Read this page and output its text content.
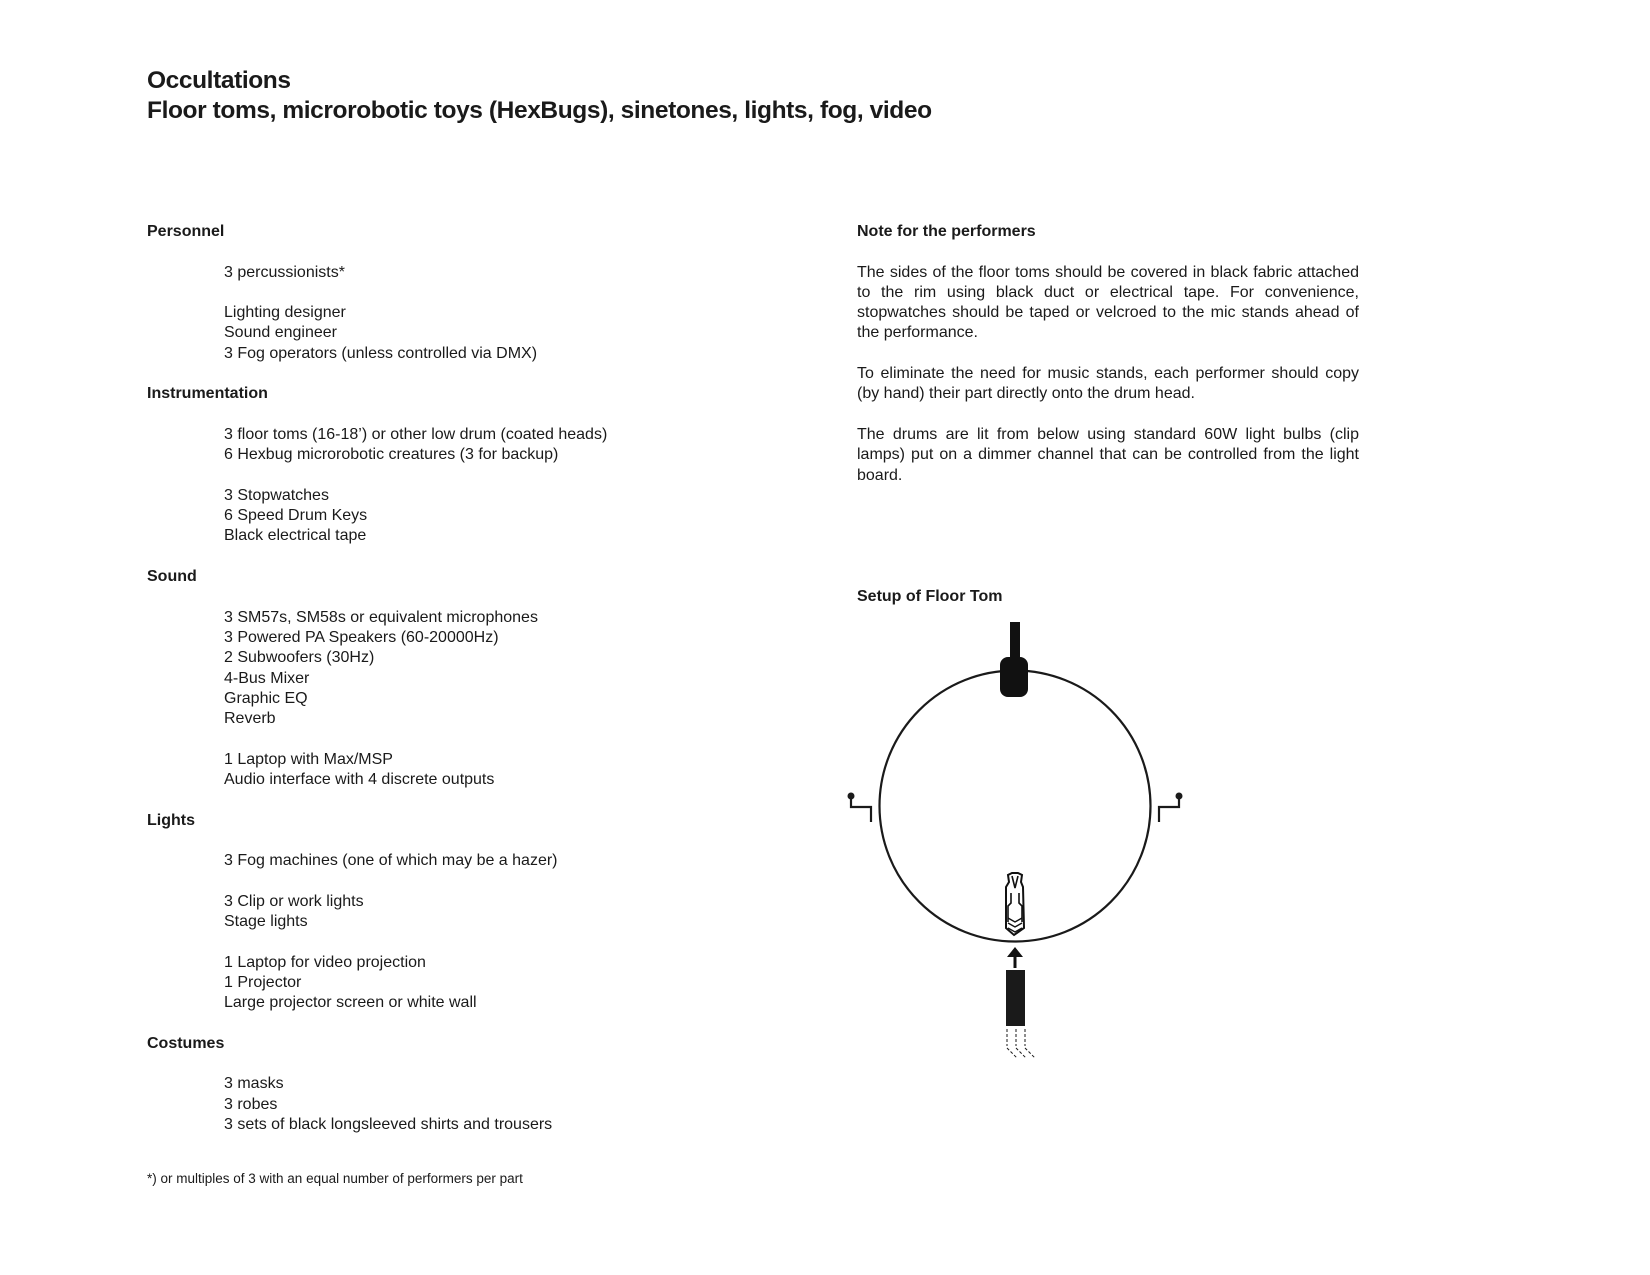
Occultations
Floor toms, microrobotic toys (HexBugs), sinetones, lights, fog, video
Personnel
3 percussionists*
Lighting designer
Sound engineer
3 Fog operators (unless controlled via DMX)
Instrumentation
3 floor toms (16-18’) or other low drum (coated heads)
6 Hexbug microrobotic creatures (3 for backup)
3 Stopwatches
6 Speed Drum Keys
Black electrical tape
Sound
3 SM57s, SM58s or equivalent microphones
3 Powered PA Speakers (60-20000Hz)
2 Subwoofers (30Hz)
4-Bus Mixer
Graphic EQ
Reverb
1 Laptop with Max/MSP
Audio interface with 4 discrete outputs
Lights
3 Fog machines (one of which may be a hazer)
3 Clip or work lights
Stage lights
1 Laptop for video projection
1 Projector
Large projector screen or white wall
Costumes
3 masks
3 robes
3 sets of black longsleeved shirts and trousers
*) or multiples of 3 with an equal number of performers per part
Note for the performers

The sides of the floor toms should be covered in black fabric attached to the rim using black duct or electrical tape. For convenience, stopwatches should be taped or velcroed to the mic stands ahead of the performance.

To eliminate the need for music stands, each performer should copy (by hand) their part directly onto the drum head.

The drums are lit from below using standard 60W light bulbs (clip lamps) put on a dimmer channel that can be controlled from the light board.

Setup of Floor Tom
